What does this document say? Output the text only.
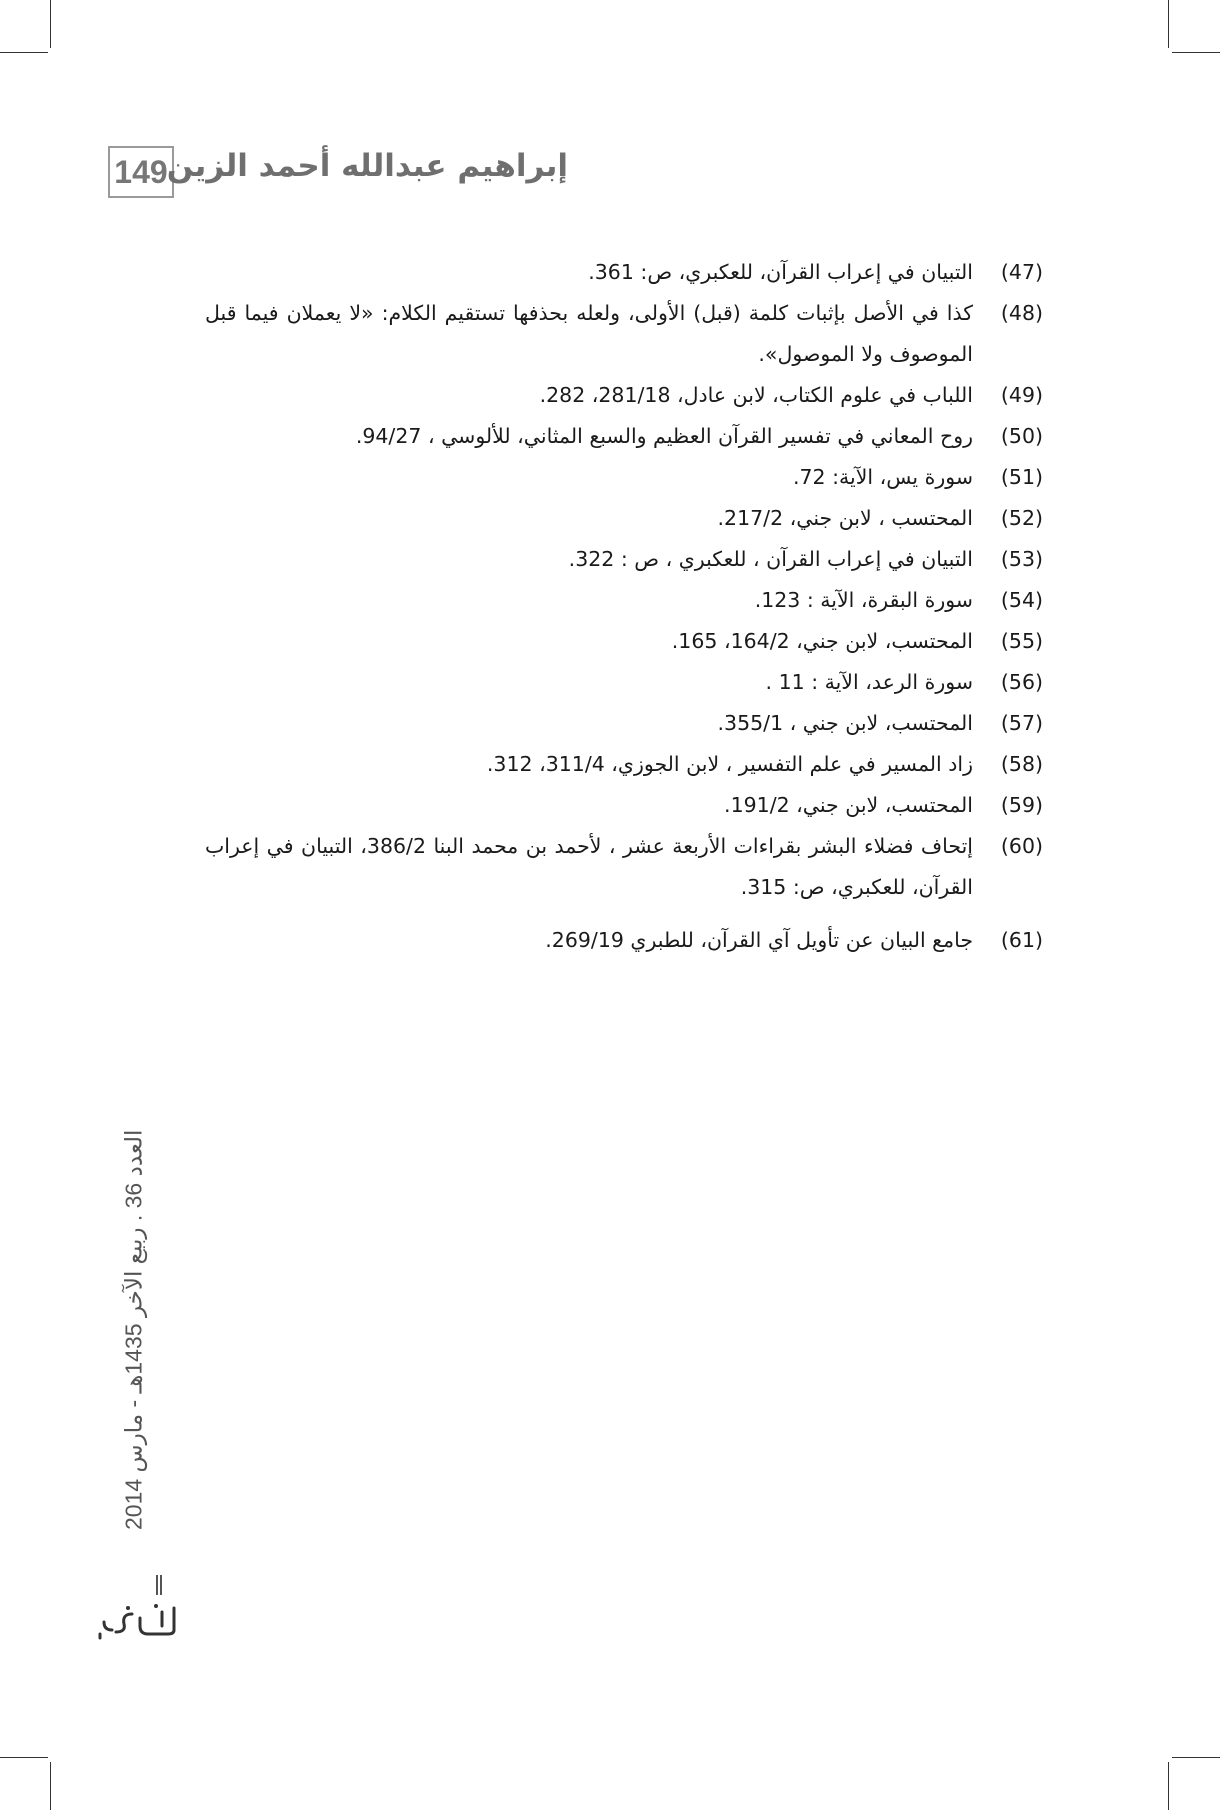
149 إبراهيم عبدالله أحمد الزين
(47)
التبيان في إعراب القرآن، للعكبري، ص: 361.
(48)
كذا في الأصل بإثبات كلمة (قبل) الأولى، ولعله بحذفها تستقيم الكلام: «لا يعملان فيما قبل الموصوف ولا الموصول».
(49)
اللباب في علوم الكتاب، لابن عادل، 281/18، 282.
(50)
روح المعاني في تفسير القرآن العظيم والسبع المثاني، للألوسي ، 94/27.
(51)
سورة يس، الآية: 72.
(52)
المحتسب ، لابن جني، 217/2.
(53)
التبيان في إعراب القرآن ، للعكبري ، ص : 322.
(54)
سورة البقرة، الآية : 123.
(55)
المحتسب، لابن جني، 164/2، 165.
(56)
سورة الرعد، الآية : 11 .
(57)
المحتسب، لابن جني ، 355/1.
(58)
زاد المسير في علم التفسير ، لابن الجوزي، 311/4، 312.
(59)
المحتسب، لابن جني، 191/2.
(60)
إتحاف فضلاء البشر بقراءات الأربعة عشر ، لأحمد بن محمد البنا 386/2، التبيان في إعراب القرآن، للعكبري، ص: 315.
(61)
جامع البيان عن تأويل آي القرآن، للطبري 269/19.
العدد 36 . ربيع الآخر 1435هـ - مارس 2014
